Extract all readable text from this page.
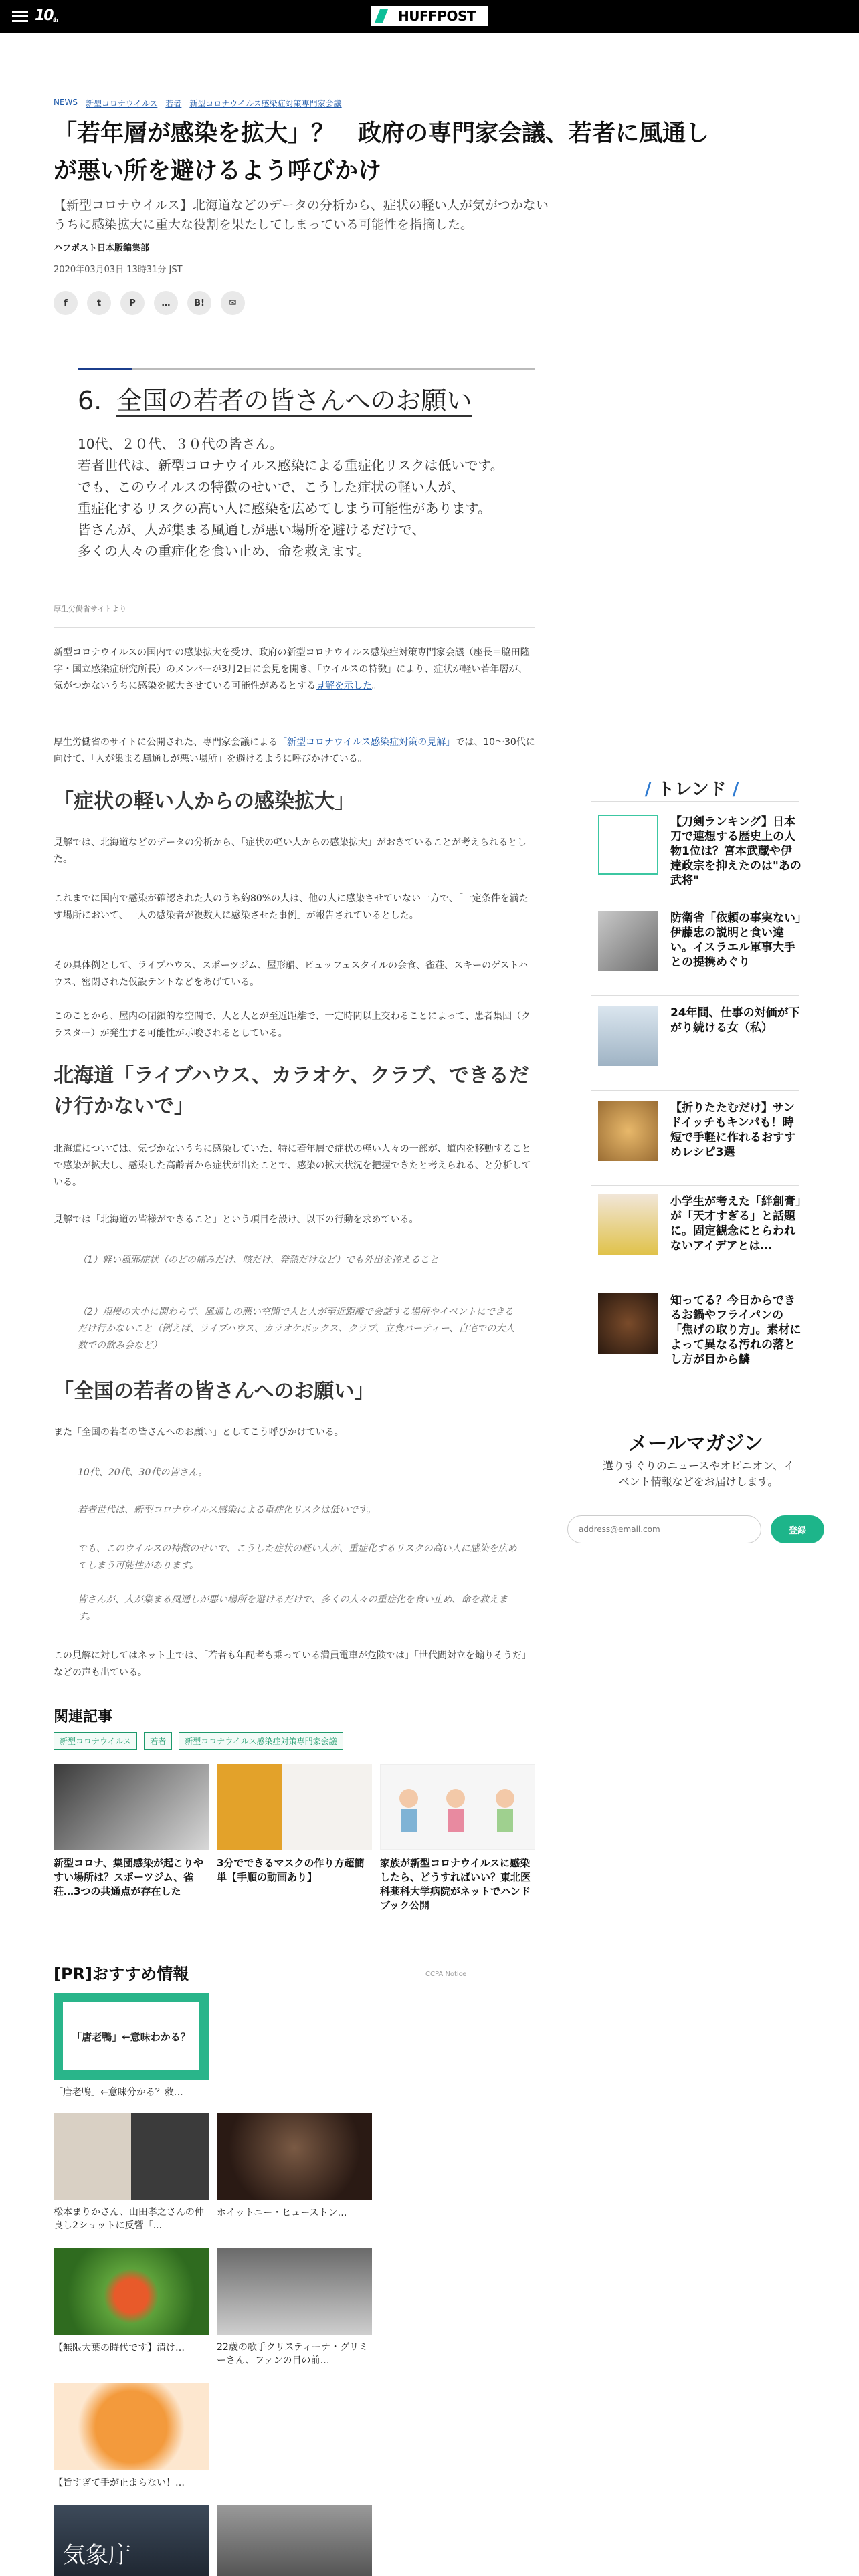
10th	HUFFPOST
NEWS 新型コロナウイルス 若者 新型コロナウイルス感染症対策専門家会議
「若年層が感染を拡大」？　政府の専門家会議、若者に風通しが悪い所を避けるよう呼びかけ

【新型コロナウイルス】北海道などのデータの分析から、症状の軽い人が気がつかないうちに感染拡大に重大な役割を果たしてしまっている可能性を指摘した。

ハフポスト日本版編集部
2020年03月03日 13時31分 JST
f	t	P	…	B!	✉
6. 全国の若者の皆さんへのお願い
10代、２０代、３０代の皆さん。
若者世代は、新型コロナウイルス感染による重症化リスクは低いです。
でも、このウイルスの特徴のせいで、こうした症状の軽い人が、
重症化するリスクの高い人に感染を広めてしまう可能性があります。
皆さんが、人が集まる風通しが悪い場所を避けるだけで、
多くの人々の重症化を食い止め、命を救えます。
厚生労働省サイトより

新型コロナウイルスの国内での感染拡大を受け、政府の新型コロナウイルス感染症対策専門家会議（座長＝脇田隆字・国立感染症研究所長）のメンバーが3月2日に会見を開き、「ウイルスの特徴」により、症状が軽い若年層が、気がつかないうちに感染を拡大させている可能性があるとする見解を示した。

厚生労働省のサイトに公開された、専門家会議による「新型コロナウイルス感染症対策の見解」では、10〜30代に向けて、「人が集まる風通しが悪い場所」を避けるように呼びかけている。

「症状の軽い人からの感染拡大」

見解では、北海道などのデータの分析から、「症状の軽い人からの感染拡大」がおきていることが考えられるとした。

これまでに国内で感染が確認された人のうち約80%の人は、他の人に感染させていない一方で、「一定条件を満たす場所において、一人の感染者が複数人に感染させた事例」が報告されているとした。

その具体例として、ライブハウス、スポーツジム、屋形船、ビュッフェスタイルの会食、雀荘、スキーのゲストハウス、密閉された仮設テントなどをあげている。

このことから、屋内の閉鎖的な空間で、人と人とが至近距離で、一定時間以上交わることによって、患者集団（クラスター）が発生する可能性が示唆されるとしている。

北海道「ライブハウス、カラオケ、クラブ、できるだけ行かないで」

北海道については、気づかないうちに感染していた、特に若年層で症状の軽い人々の一部が、道内を移動することで感染が拡大し、感染した高齢者から症状が出たことで、感染の拡大状況を把握できたと考えられる、と分析している。

見解では「北海道の皆様ができること」という項目を設け、以下の行動を求めている。

（1）軽い風邪症状（のどの痛みだけ、咳だけ、発熱だけなど）でも外出を控えること

（2）規模の大小に関わらず、風通しの悪い空間で人と人が至近距離で会話する場所やイベントにできるだけ行かないこと（例えば、ライブハウス、カラオケボックス、クラブ、立食パーティー、自宅での大人数での飲み会など）

「全国の若者の皆さんへのお願い」

また「全国の若者の皆さんへのお願い」としてこう呼びかけている。

10代、20代、30代の皆さん。

若者世代は、新型コロナウイルス感染による重症化リスクは低いです。

でも、このウイルスの特徴のせいで、こうした症状の軽い人が、重症化するリスクの高い人に感染を広めてしまう可能性があります。

皆さんが、人が集まる風通しが悪い場所を避けるだけで、多くの人々の重症化を食い止め、命を救えます。

この見解に対してはネット上では、「若者も年配者も乗っている満員電車が危険では」「世代間対立を煽りそうだ」などの声も出ている。

関連記事
新型コロナウイルス	若者	新型コロナウイルス感染症対策専門家会議
新型コロナ、集団感染が起こりやすい場所は？スポーツジム、雀荘…3つの共通点が存在した
3分でできるマスクの作り方超簡単【手順の動画あり】
家族が新型コロナウイルスに感染したら、どうすればいい？東北医科薬科大学病院がネットでハンドブック公開
[PR]おすすめ情報	CCPA Notice
「唐老鴨」←意味わかる？
「唐老鴨」←意味分かる？救…
松本まりかさん、山田孝之さんの仲良し2ショットに反響「...
ホイットニー・ヒューストン…
【無限大葉の時代です】清け…	22歳の歌手クリスティーナ・グリミーさん、ファンの目の前…
【旨すぎて手が止まらない！…
気象庁
/ トレンド /
【刀剣ランキング】日本刀で連想する歴史上の人物1位は？宮本武蔵や伊達政宗を抑えたのは"あの武将"
防衛省「依頼の事実ない」伊藤忠の説明と食い違い。イスラエル軍事大手との提携めぐり
24年間、仕事の対価が下がり続ける女（私）
【折りたたむだけ】サンドイッチもキンパも！時短で手軽に作れるおすすめレシピ3選
小学生が考えた「絆創膏」が「天才すぎる」と話題に。固定観念にとらわれないアイデアとは…
知ってる？今日からできるお鍋やフライパンの「焦げの取り方」。素材によって異なる汚れの落とし方が目から鱗
メールマガジン
選りすぐりのニュースやオピニオン、イベント情報などをお届けします。
address@email.com
登録
